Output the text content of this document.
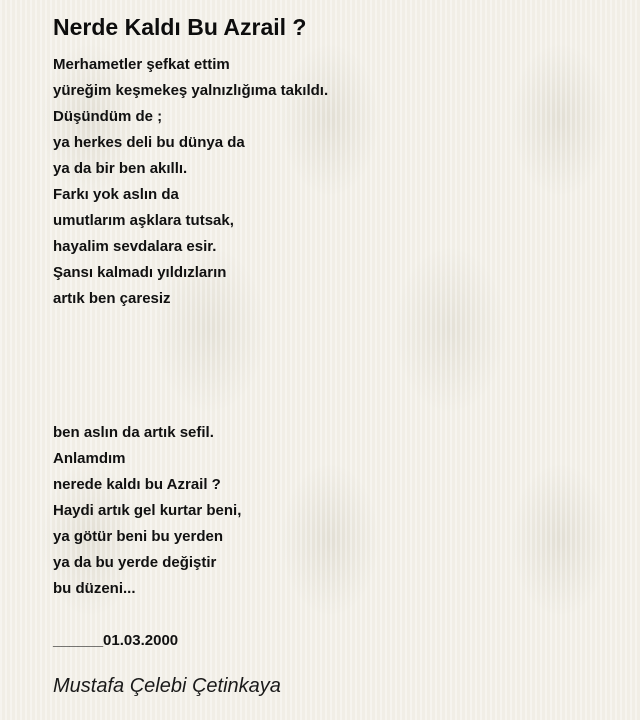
Nerde Kaldı Bu Azrail ?
Merhametler şefkat ettim
yüreğim keşmekeş yalnızlığıma takıldı.
Düşündüm de ;
ya herkes deli bu dünya da
ya da bir ben akıllı.
Farkı yok aslın da
umutlarım aşklara tutsak,
hayalim sevdalara esir.
Şansı kalmadı yıldızların
artık ben çaresiz
ben aslın da artık sefil.
Anlamdım
nerede kaldı bu Azrail ?
Haydi artık gel kurtar beni,
ya götür beni bu yerden
ya da bu yerde değiştir
bu düzeni...
______01.03.2000
Mustafa Çelebi Çetinkaya
